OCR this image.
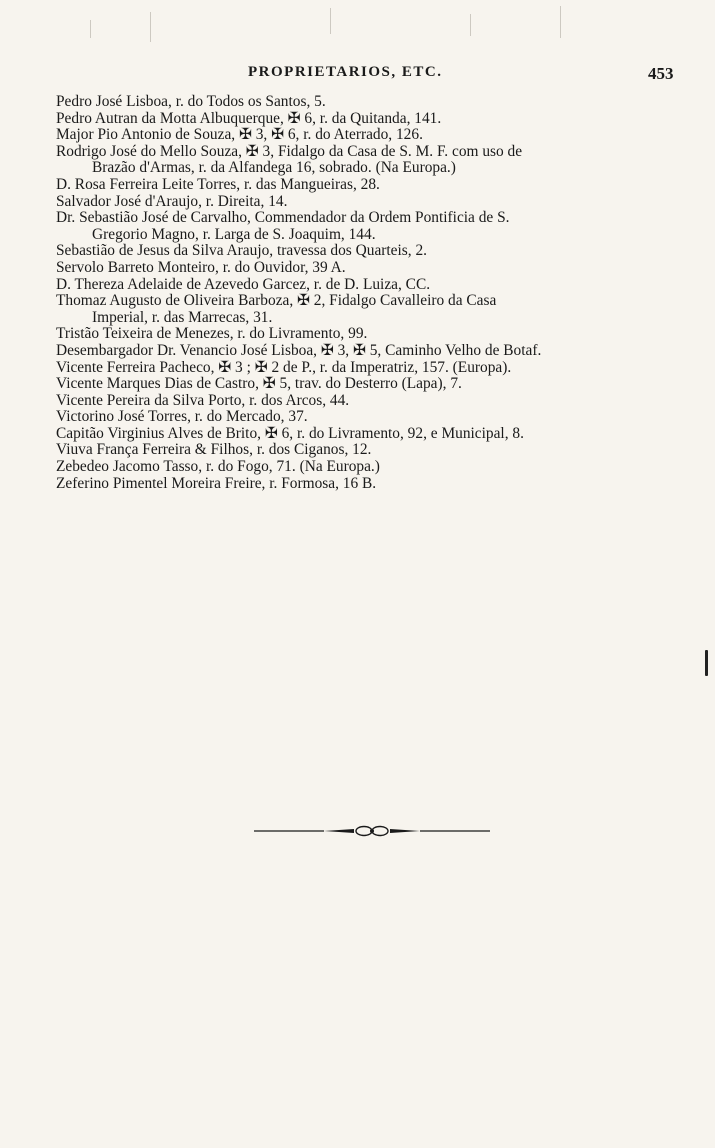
PROPRIETARIOS, ETC.	453
Pedro José Lisboa, r. do Todos os Santos, 5.
Pedro Autran da Motta Albuquerque, ✠ 6, r. da Quitanda, 141.
Major Pio Antonio de Souza, ✠ 3, ✠ 6, r. do Aterrado, 126.
Rodrigo José do Mello Souza, ✠ 3, Fidalgo da Casa de S. M. F. com uso de
Brazão d'Armas, r. da Alfandega 16, sobrado. (Na Europa.)
D. Rosa Ferreira Leite Torres, r. das Mangueiras, 28.
Salvador José d'Araujo, r. Direita, 14.
Dr. Sebastião José de Carvalho, Commendador da Ordem Pontificia de S.
Gregorio Magno, r. Larga de S. Joaquim, 144.
Sebastião de Jesus da Silva Araujo, travessa dos Quarteis, 2.
Servolo Barreto Monteiro, r. do Ouvidor, 39 A.
D. Thereza Adelaide de Azevedo Garcez, r. de D. Luiza, CC.
Thomaz Augusto de Oliveira Barboza, ✠ 2, Fidalgo Cavalleiro da Casa
Imperial, r. das Marrecas, 31.
Tristão Teixeira de Menezes, r. do Livramento, 99.
Desembargador Dr. Venancio José Lisboa, ✠ 3, ✠ 5, Caminho Velho de Botaf.
Vicente Ferreira Pacheco, ✠ 3 ; ✠ 2 de P., r. da Imperatriz, 157. (Europa).
Vicente Marques Dias de Castro, ✠ 5, trav. do Desterro (Lapa), 7.
Vicente Pereira da Silva Porto, r. dos Arcos, 44.
Victorino José Torres, r. do Mercado, 37.
Capitão Virginius Alves de Brito, ✠ 6, r. do Livramento, 92, e Municipal, 8.
Viuva França Ferreira & Filhos, r. dos Ciganos, 12.
Zebedeo Jacomo Tasso, r. do Fogo, 71. (Na Europa.)
Zeferino Pimentel Moreira Freire, r. Formosa, 16 B.
